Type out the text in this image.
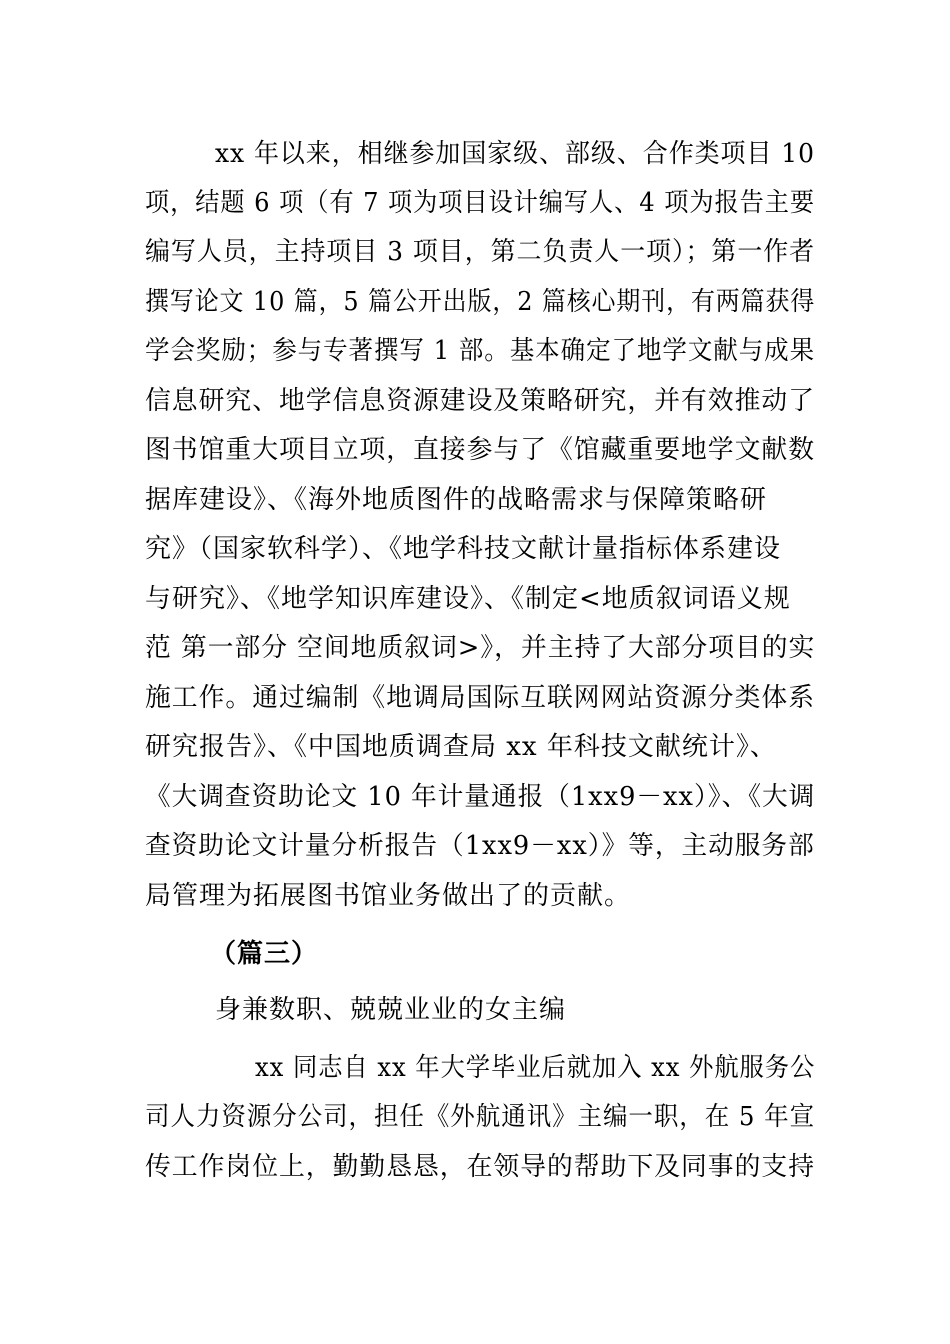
xx 年以来，相继参加国家级、部级、合作类项目 10
项，结题 6 项（有 7 项为项目设计编写人、4 项为报告主要
编写人员，主持项目 3 项目，第二负责人一项）；第一作者
撰写论文 10 篇，5 篇公开出版，2 篇核心期刊，有两篇获得
学会奖励；参与专著撰写 1 部。基本确定了地学文献与成果
信息研究、地学信息资源建设及策略研究，并有效推动了
图书馆重大项目立项，直接参与了《馆藏重要地学文献数
据库建设》、《海外地质图件的战略需求与保障策略研
究》（国家软科学）、《地学科技文献计量指标体系建设
与研究》、《地学知识库建设》、《制定<地质叙词语义规
范 第一部分 空间地质叙词>》，并主持了大部分项目的实
施工作。通过编制《地调局国际互联网网站资源分类体系
研究报告》、《中国地质调查局 xx 年科技文献统计》、
《大调查资助论文 10 年计量通报（1xx9－xx）》、《大调
查资助论文计量分析报告（1xx9－xx）》等，主动服务部
局管理为拓展图书馆业务做出了的贡献。
（篇三）
身兼数职、兢兢业业的女主编
xx 同志自 xx 年大学毕业后就加入 xx 外航服务公
司人力资源分公司，担任《外航通讯》主编一职，在 5 年宣
传工作岗位上，勤勤恳恳，在领导的帮助下及同事的支持
